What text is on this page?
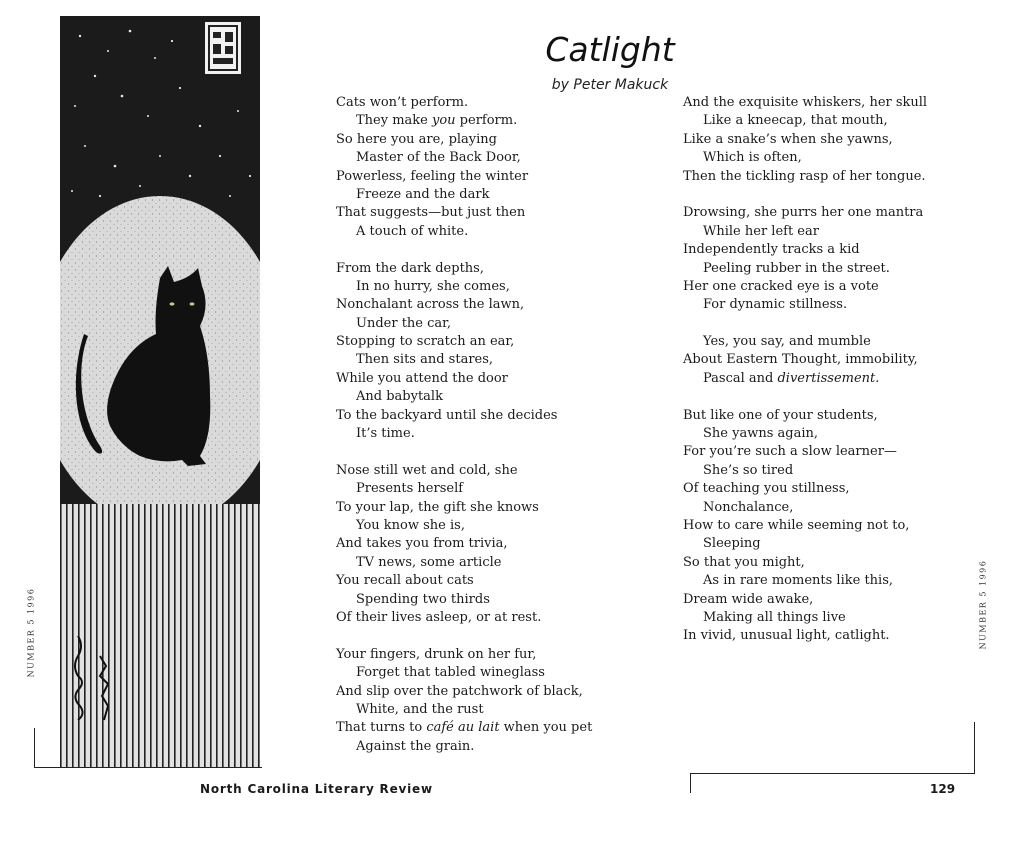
NUMBER 5 1996	NUMBER 5 1996
Catlight
by Peter Makuck
Cats won’t perform.
They make you perform.
So here you are, playing
Master of the Back Door,
Powerless, feeling the winter
Freeze and the dark
That suggests—but just then
A touch of white.
From the dark depths,
In no hurry, she comes,
Nonchalant across the lawn,
Under the car,
Stopping to scratch an ear,
Then sits and stares,
While you attend the door
And babytalk
To the backyard until she decides
It’s time.
Nose still wet and cold, she
Presents herself
To your lap, the gift she knows
You know she is,
And takes you from trivia,
TV news, some article
You recall about cats
Spending two thirds
Of their lives asleep, or at rest.
Your fingers, drunk on her fur,
Forget that tabled wineglass
And slip over the patchwork of black,
White, and the rust
That turns to café au lait when you pet
Against the grain.
And the exquisite whiskers, her skull
Like a kneecap, that mouth,
Like a snake’s when she yawns,
Which is often,
Then the tickling rasp of her tongue.
Drowsing, she purrs her one mantra
While her left ear
Independently tracks a kid
Peeling rubber in the street.
Her one cracked eye is a vote
For dynamic stillness.
Yes, you say, and mumble
About Eastern Thought, immobility,
Pascal and divertissement.
But like one of your students,
She yawns again,
For you’re such a slow learner—
She’s so tired
Of teaching you stillness,
Nonchalance,
How to care while seeming not to,
Sleeping
So that you might,
As in rare moments like this,
Dream wide awake,
Making all things live
In vivid, unusual light, catlight.
North Carolina Literary Review	129
